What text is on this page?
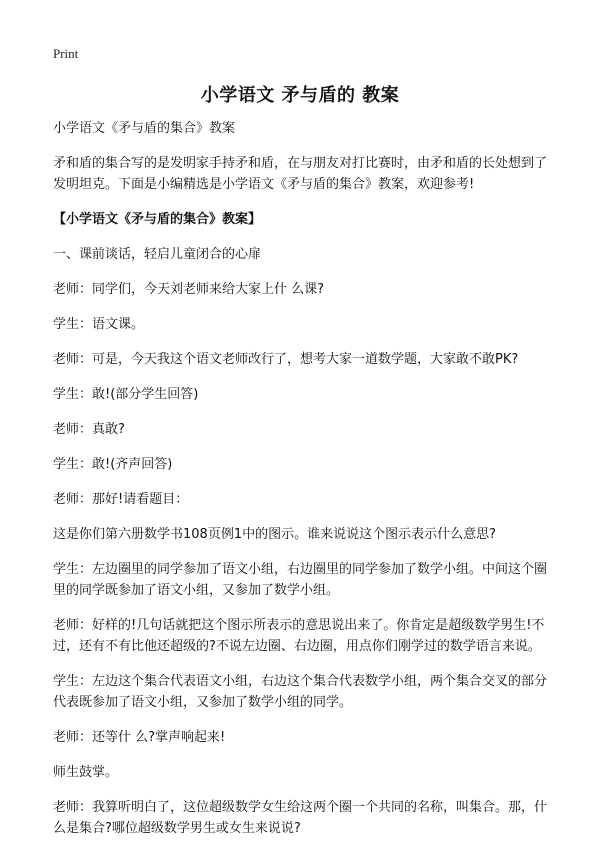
Print
小学语文 矛与盾的 教案

小学语文《矛与盾的集合》教案

矛和盾的集合写的是发明家手持矛和盾，在与朋友对打比赛时，由矛和盾的长处想到了发明坦克。下面是小编精选是小学语文《矛与盾的集合》教案，欢迎参考!

【小学语文《矛与盾的集合》教案】

一、课前谈话，轻启儿童闭合的心扉

老师：同学们，今天刘老师来给大家上什 么课?

学生：语文课。

老师：可是，今天我这个语文老师改行了，想考大家一道数学题，大家敢不敢PK?

学生：敢!(部分学生回答)

老师：真敢?

学生：敢!(齐声回答)

老师：那好!请看题目：

这是你们第六册数学书108页例1中的图示。谁来说说这个图示表示什么意思?

学生：左边圈里的同学参加了语文小组，右边圈里的同学参加了数学小组。中间这个圈里的同学既参加了语文小组，又参加了数学小组。

老师：好样的!几句话就把这个图示所表示的意思说出来了。你肯定是超级数学男生!不过，还有不有比他还超级的?不说左边圈、右边圈，用点你们刚学过的数学语言来说。

学生：左边这个集合代表语文小组，右边这个集合代表数学小组，两个集合交叉的部分代表既参加了语文小组，又参加了数学小组的同学。

老师：还等什 么?掌声响起来!

师生鼓掌。

老师：我算听明白了，这位超级数学女生给这两个圈一个共同的名称，叫集合。那，什 么是集合?哪位超级数学男生或女生来说说?
